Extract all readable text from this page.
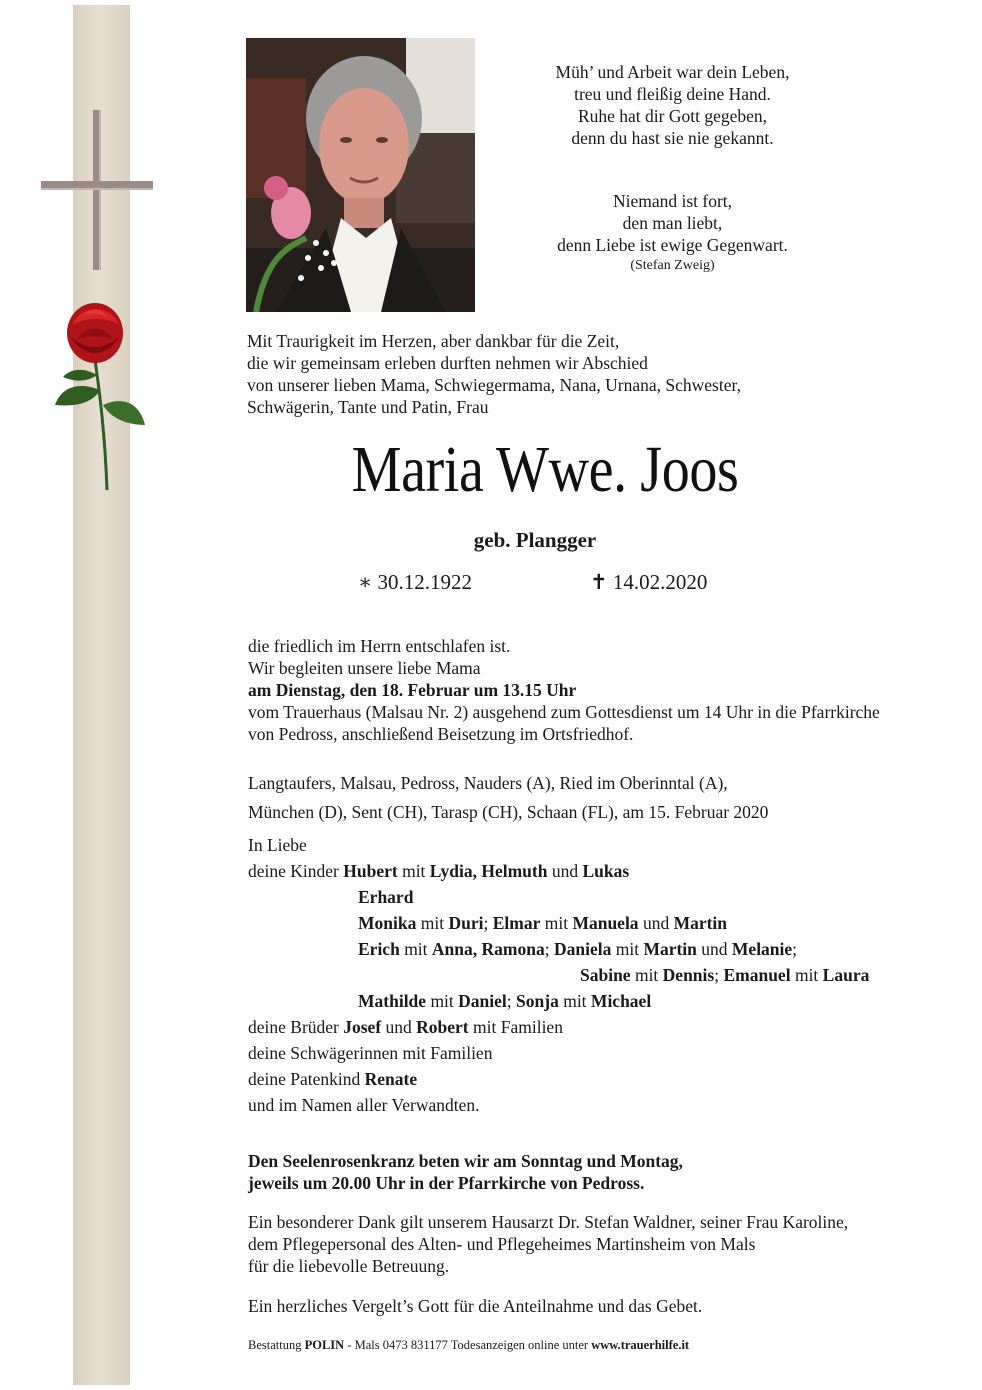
Müh’ und Arbeit war dein Leben,
treu und fleißig deine Hand.
Ruhe hat dir Gott gegeben,
denn du hast sie nie gekannt.
Niemand ist fort,
den man liebt,
denn Liebe ist ewige Gegenwart.
(Stefan Zweig)
Mit Traurigkeit im Herzen, aber dankbar für die Zeit,
die wir gemeinsam erleben durften nehmen wir Abschied
von unserer lieben Mama, Schwiegermama, Nana, Urnana, Schwester,
Schwägerin, Tante und Patin, Frau
Maria Wwe. Joos
geb. Plangger
∗ 30.12.1922	✝ 14.02.2020
die friedlich im Herrn entschlafen ist.
Wir begleiten unsere liebe Mama
am Dienstag, den 18. Februar um 13.15 Uhr
vom Trauerhaus (Malsau Nr. 2) ausgehend zum Gottesdienst um 14 Uhr in die Pfarrkirche
von Pedross, anschließend Beisetzung im Ortsfriedhof.
Langtaufers, Malsau, Pedross, Nauders (A), Ried im Oberinntal (A),
München (D), Sent (CH), Tarasp (CH), Schaan (FL), am 15. Februar 2020
In Liebe
deine Kinder Hubert mit Lydia, Helmuth und Lukas
Erhard
Monika mit Duri; Elmar mit Manuela und Martin
Erich mit Anna, Ramona; Daniela mit Martin und Melanie;
Sabine mit Dennis; Emanuel mit Laura
Mathilde mit Daniel; Sonja mit Michael
deine Brüder Josef und Robert mit Familien
deine Schwägerinnen mit Familien
deine Patenkind Renate
und im Namen aller Verwandten.
Den Seelenrosenkranz beten wir am Sonntag und Montag,
jeweils um 20.00 Uhr in der Pfarrkirche von Pedross.
Ein besonderer Dank gilt unserem Hausarzt Dr. Stefan Waldner, seiner Frau Karoline,
dem Pflegepersonal des Alten- und Pflegeheimes Martinsheim von Mals
für die liebevolle Betreuung.
Ein herzliches Vergelt’s Gott für die Anteilnahme und das Gebet.
Bestattung POLIN - Mals 0473 831177 Todesanzeigen online unter www.trauerhilfe.it
